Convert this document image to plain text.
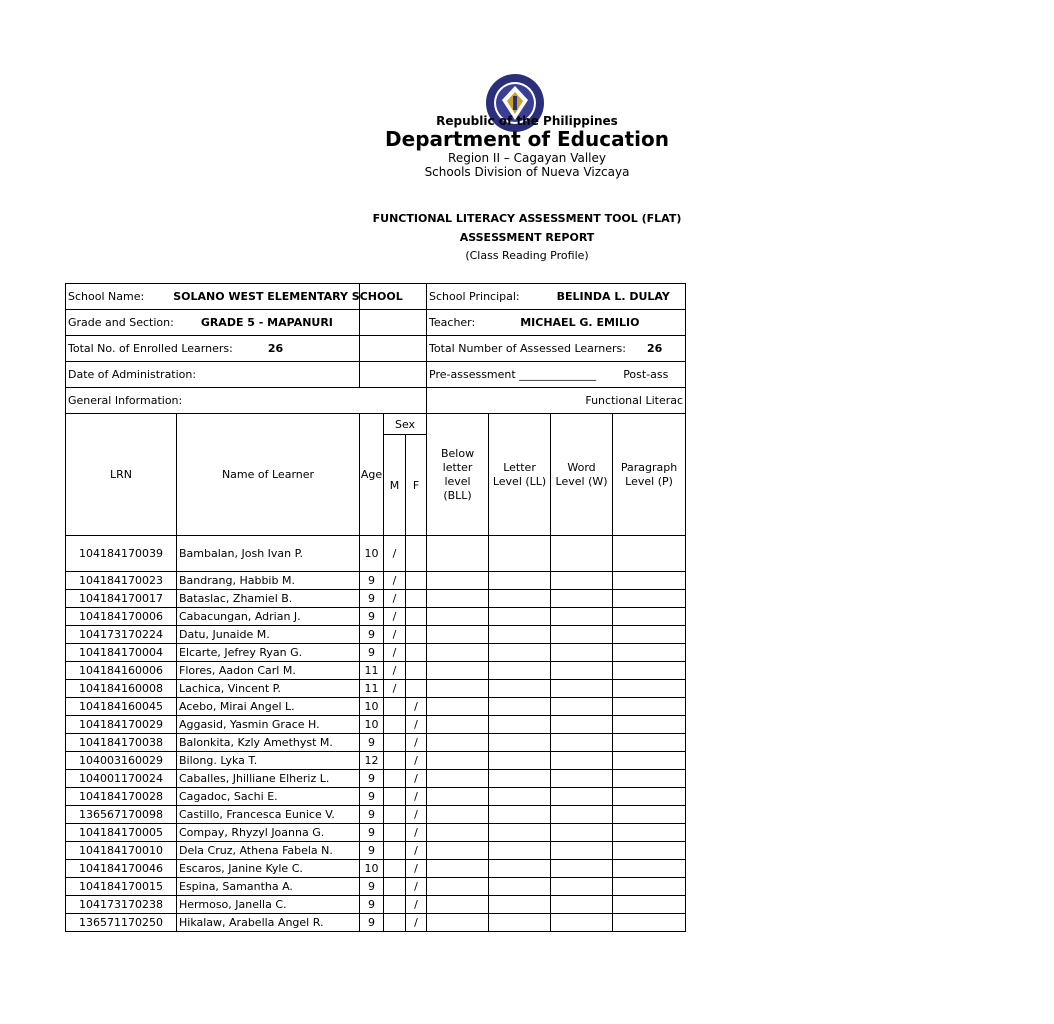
Republic of the Philippines
Department of Education
Region II – Cagayan Valley
Schools Division of Nueva Vizcaya
FUNCTIONAL LITERACY ASSESSMENT TOOL (FLAT)
ASSESSMENT REPORT
(Class Reading Profile)
School Name: SOLANO WEST ELEMENTARY SCHOOL					School Principal: BELINDA L. DULAY			
Grade and Section: GRADE 5 - MAPANURI					Teacher: MICHAEL G. EMILIO			
Total No. of Enrolled Learners: 26					Total Number of Assessed Learners: 26			
Date of Administration:					Pre-assessment ______________ Post-ass			
General Information:					Functional Literac			
LRN	Name of Learner	Age	Sex		Below letter level (BLL)	Letter Level (LL)	Word Level (W)	Paragraph Level (P)
			M	F				
104184170039	Bambalan, Josh Ivan P.	10	/					
104184170023	Bandrang, Habbib M.	9	/					
104184170017	Bataslac, Zhamiel B.	9	/					
104184170006	Cabacungan, Adrian J.	9	/					
104173170224	Datu, Junaide M.	9	/					
104184170004	Elcarte, Jefrey Ryan G.	9	/					
104184160006	Flores, Aadon Carl M.	11	/					
104184160008	Lachica, Vincent P.	11	/					
104184160045	Acebo, Mirai Angel L.	10		/				
104184170029	Aggasid, Yasmin Grace H.	10		/				
104184170038	Balonkita, Kzly Amethyst M.	9		/				
104003160029	Bilong. Lyka T.	12		/				
104001170024	Caballes, Jhilliane Elheriz L.	9		/				
104184170028	Cagadoc, Sachi E.	9		/				
136567170098	Castillo, Francesca Eunice V.	9		/				
104184170005	Compay, Rhyzyl Joanna G.	9		/				
104184170010	Dela Cruz, Athena Fabela N.	9		/				
104184170046	Escaros, Janine Kyle C.	10		/				
104184170015	Espina, Samantha A.	9		/				
104173170238	Hermoso, Janella C.	9		/				
136571170250	Hikalaw, Arabella Angel R.	9		/				
